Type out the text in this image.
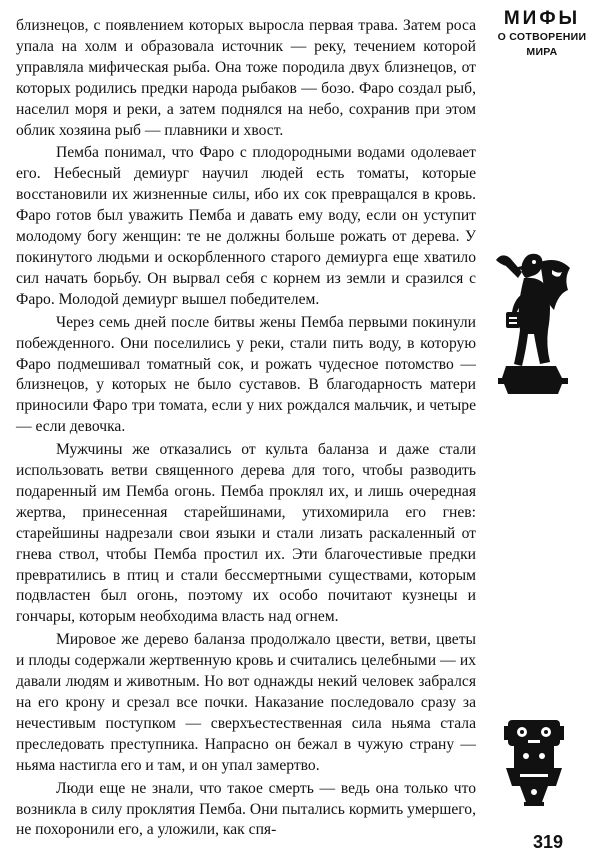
близнецов, с появлением которых выросла первая трава. Затем роса упала на холм и образовала источник — реку, течением которой управляла мифическая рыба. Она тоже породила двух близнецов, от которых родились предки народа рыбаков — бозо. Фаро создал рыб, населил моря и реки, а затем поднялся на небо, сохранив при этом облик хозяина рыб — плавники и хвост.

Пемба понимал, что Фаро с плодородными водами одолевает его. Небесный демиург научил людей есть томаты, которые восстановили их жизненные силы, ибо их сок превращался в кровь. Фаро готов был уважить Пемба и давать ему воду, если он уступит молодому богу женщин: те не должны больше рожать от дерева. У покинутого людьми и оскорбленного старого демиурга еще хватило сил начать борьбу. Он вырвал себя с корнем из земли и сразился с Фаро. Молодой демиург вышел победителем.

Через семь дней после битвы жены Пемба первыми покинули побежденного. Они поселились у реки, стали пить воду, в которую Фаро подмешивал томатный сок, и рожать чудесное потомство — близнецов, у которых не было суставов. В благодарность матери приносили Фаро три томата, если у них рождался мальчик, и четыре — если девочка.

Мужчины же отказались от культа баланза и даже стали использовать ветви священного дерева для того, чтобы разводить подаренный им Пемба огонь. Пемба проклял их, и лишь очередная жертва, принесенная старейшинами, утихомирила его гнев: старейшины надрезали свои языки и стали лизать раскаленный от гнева ствол, чтобы Пемба простил их. Эти благочестивые предки превратились в птиц и стали бессмертными существами, которым подвластен был огонь, поэтому их особо почитают кузнецы и гончары, которым необходима власть над огнем.

Мировое же дерево баланза продолжало цвести, ветви, цветы и плоды содержали жертвенную кровь и считались целебными — их давали людям и животным. Но вот однажды некий человек забрался на его крону и срезал все почки. Наказание последовало сразу за нечестивым поступком — сверхъестественная сила ньяма стала преследовать преступника. Напрасно он бежал в чужую страну — ньяма настигла его и там, и он упал замертво.

Люди еще не знали, что такое смерть — ведь она только что возникла в силу проклятия Пемба. Они пытались кормить умершего, не похоронили его, а уложили, как спя-

МИФЫ
О СОТВОРЕНИИ
МИРА
319
